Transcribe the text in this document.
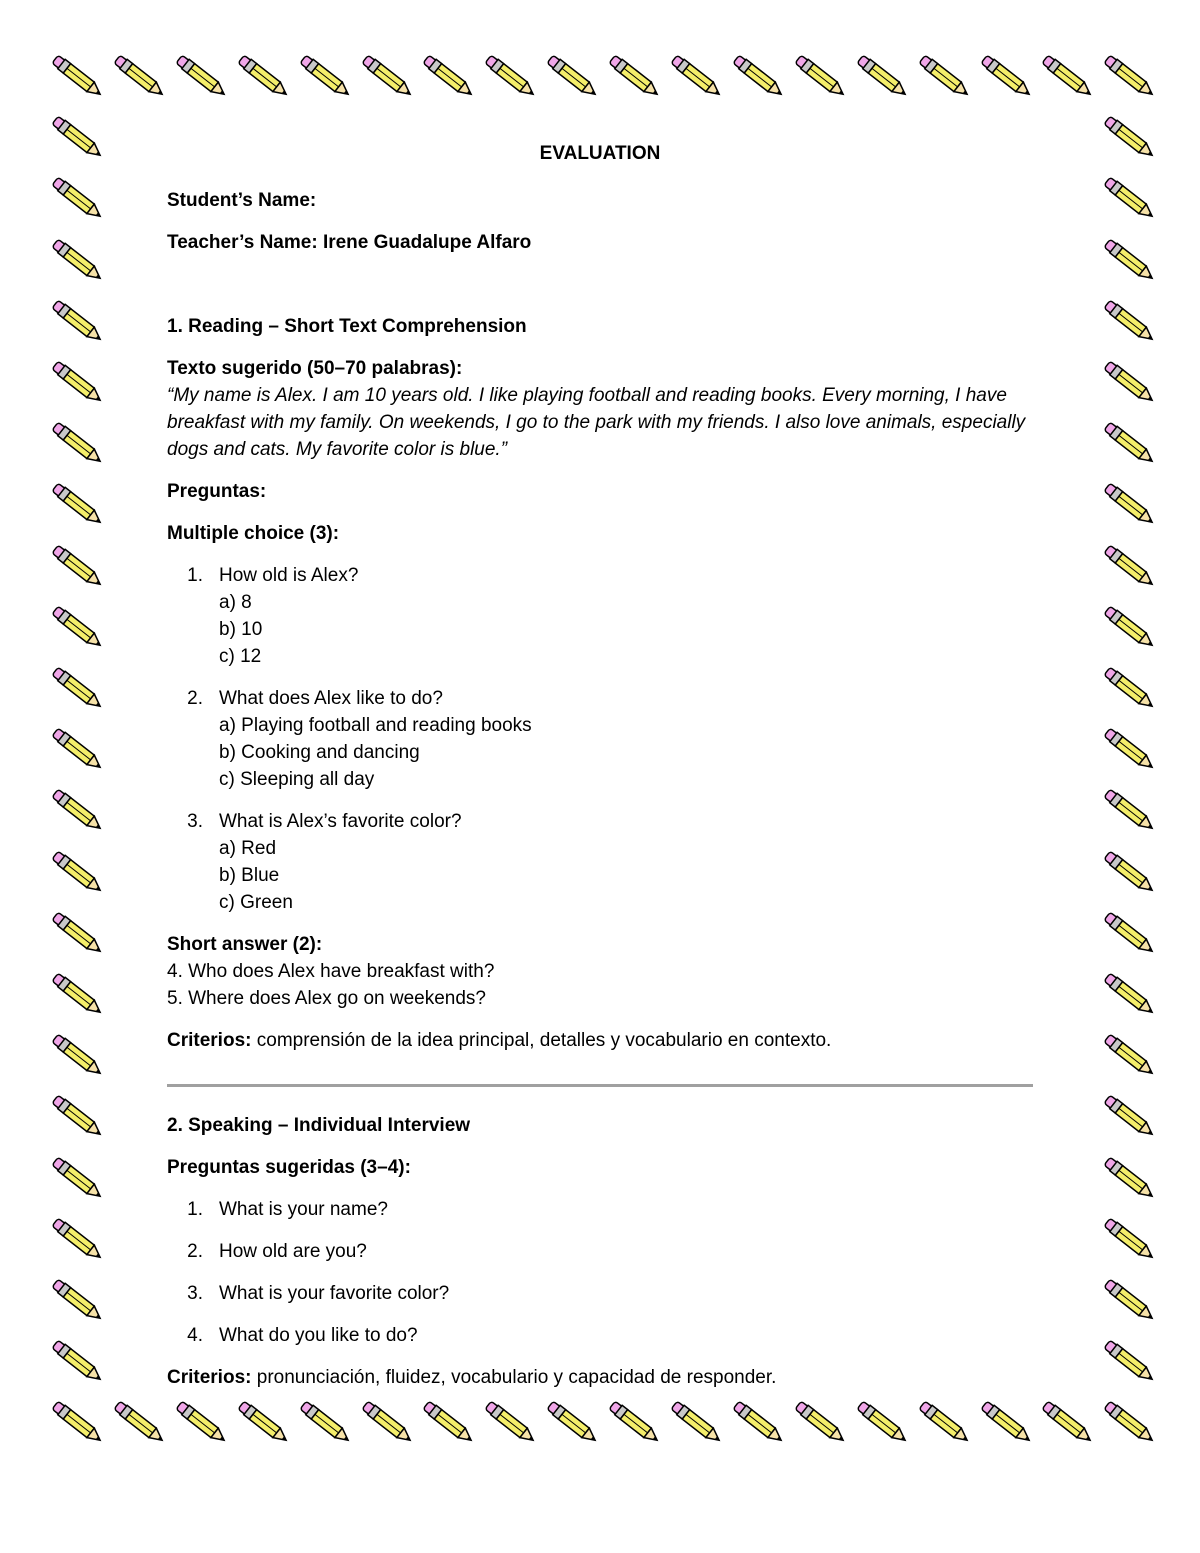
EVALUATION

Student’s Name:

Teacher’s Name: Irene Guadalupe Alfaro

1. Reading – Short Text Comprehension

Texto sugerido (50–70 palabras):

“My name is Alex. I am 10 years old. I like playing football and reading books. Every morning, I have breakfast with my family. On weekends, I go to the park with my friends. I also love animals, especially dogs and cats. My favorite color is blue.”

Preguntas:

Multiple choice (3):

1. How old is Alex?
a) 8
b) 10
c) 12
2. What does Alex like to do?
a) Playing football and reading books
b) Cooking and dancing
c) Sleeping all day
3. What is Alex’s favorite color?
a) Red
b) Blue
c) Green

Short answer (2):

4. Who does Alex have breakfast with?

5. Where does Alex go on weekends?

Criterios: comprensión de la idea principal, detalles y vocabulario en contexto.

2. Speaking – Individual Interview

Preguntas sugeridas (3–4):

1. What is your name?
2. How old are you?
3. What is your favorite color?
4. What do you like to do?

Criterios: pronunciación, fluidez, vocabulario y capacidad de responder.
